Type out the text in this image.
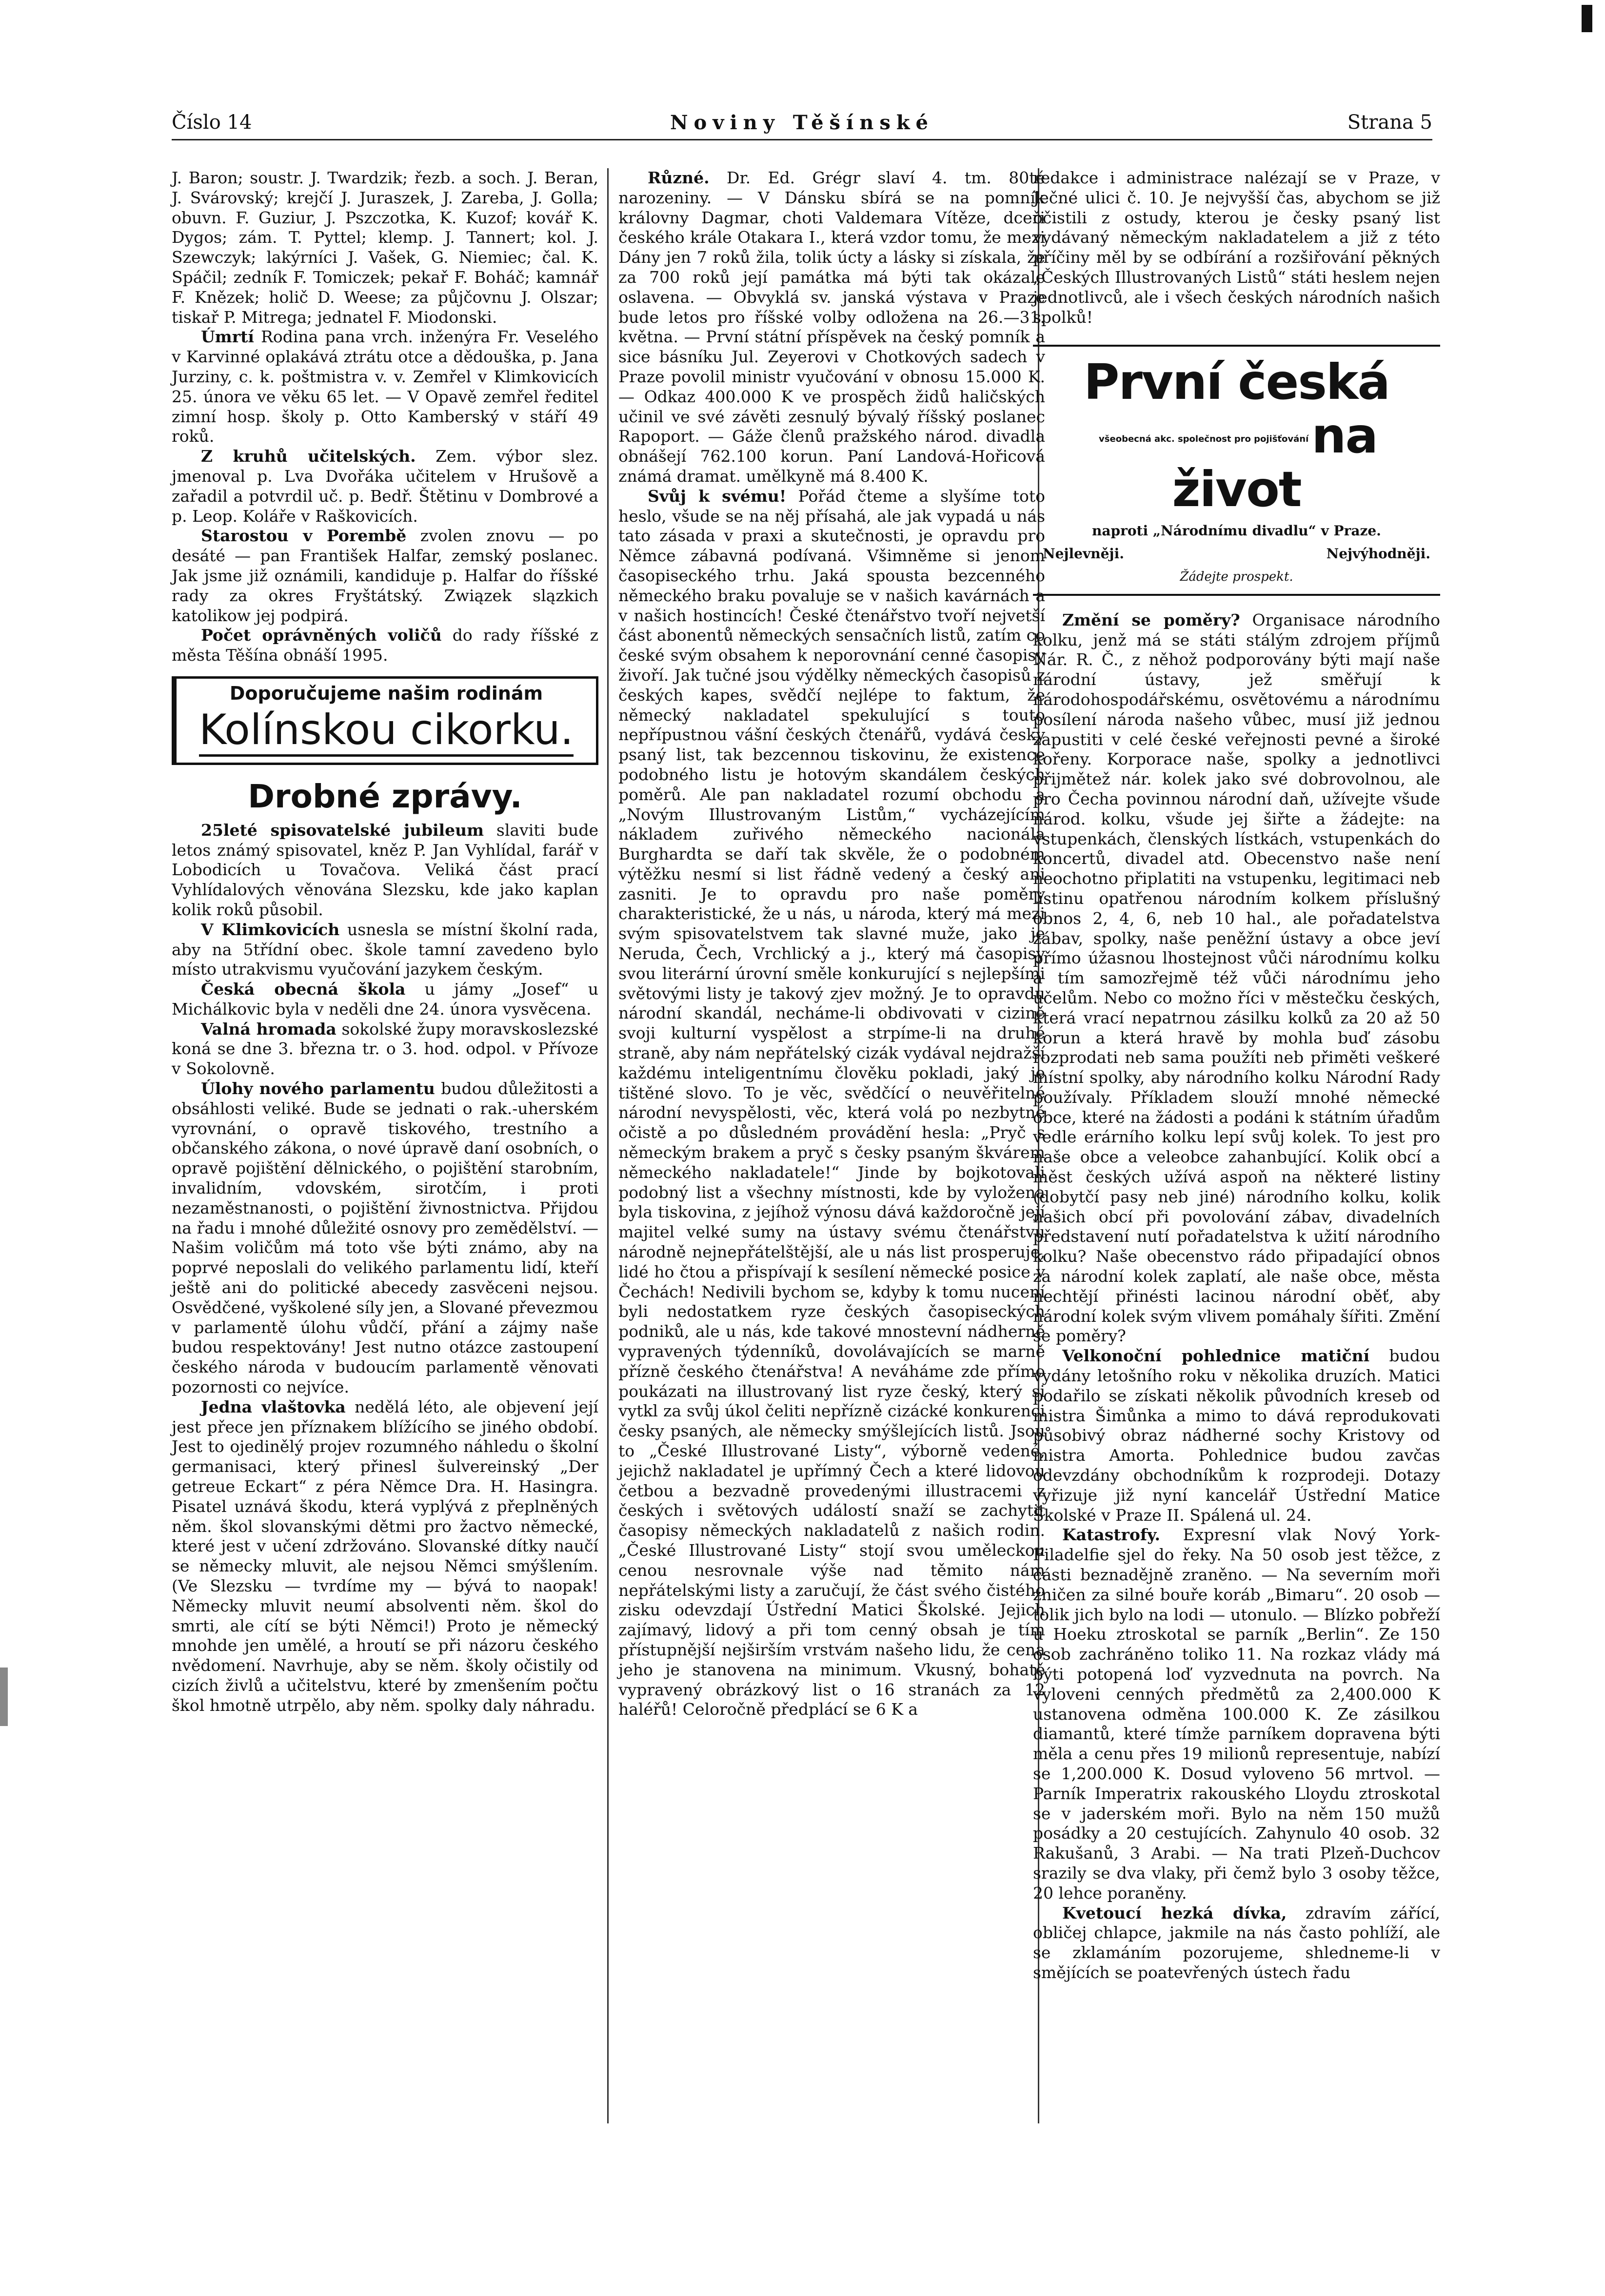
Číslo 14	Noviny Těšínské	Strana 5

J. Baron; soustr. J. Twardzik; řezb. a soch. J. Beran, J. Svárovský; krejčí J. Juraszek, J. Zareba, J. Golla; obuvn. F. Guziur, J. Pszczotka, K. Kuzof; kovář K. Dygos; zám. T. Pyttel; klemp. J. Tannert; kol. J. Szewczyk; lakýrníci J. Vašek, G. Niemiec; čal. K. Spáčil; zedník F. Tomiczek; pekař F. Boháč; kamnář F. Knězek; holič D. Weese; za půjčovnu J. Olszar; tiskař P. Mitrega; jednatel F. Miodonski.

Úmrtí Rodina pana vrch. inženýra Fr. Veselého v Karvinné oplakává ztrátu otce a dědouška, p. Jana Jurziny, c. k. poštmistra v. v. Zemřel v Klimkovicích 25. února ve věku 65 let. — V Opavě zemřel ředitel zimní hosp. školy p. Otto Kamberský v stáří 49 roků.

Z kruhů učitelských. Zem. výbor slez. jmenoval p. Lva Dvořáka učitelem v Hrušově a zařadil a potvrdil uč. p. Bedř. Štětinu v Dombrové a p. Leop. Koláře v Raškovicích.

Starostou v Porembě zvolen znovu — po desáté — pan František Halfar, zemský poslanec. Jak jsme již oznámili, kandiduje p. Halfar do říšské rady za okres Fryštátský. Związek slązkich katolikow jej podpirá.

Počet oprávněných voličů do rady říšské z města Těšína obnáší 1995.

Doporučujeme našim rodinám
Kolínskou cikorku.
Drobné zprávy.

25leté spisovatelské jubileum slaviti bude letos známý spisovatel, kněz P. Jan Vyhlídal, farář v Lobodicích u Tovačova. Veliká část prací Vyhlídalových věnována Slezsku, kde jako kaplan kolik roků působil.

V Klimkovicích usnesla se místní školní rada, aby na 5třídní obec. škole tamní zavedeno bylo místo utrakvismu vyučování jazykem českým.

Česká obecná škola u jámy „Josef“ u Michálkovic byla v neděli dne 24. února vysvěcena.

Valná hromada sokolské župy moravskoslezské koná se dne 3. března tr. o 3. hod. odpol. v Přívoze v Sokolovně.

Úlohy nového parlamentu budou důležitosti a obsáhlosti veliké. Bude se jednati o rak.-uherském vyrovnání, o opravě tiskového, trestního a občanského zákona, o nové úpravě daní osobních, o opravě pojištění dělnického, o pojištění starobním, invalidním, vdovském, sirotčím, i proti nezaměstnanosti, o pojištění živnostnictva. Přijdou na řadu i mnohé důležité osnovy pro zemědělství. — Našim voličům má toto vše býti známo, aby na poprvé neposlali do velikého parlamentu lidí, kteří ještě ani do politické abecedy zasvěceni nejsou. Osvědčené, vyškolené síly jen, a Slované převezmou v parlamentě úlohu vůdčí, přání a zájmy naše budou respektovány! Jest nutno otázce zastoupení českého národa v budoucím parlamentě věnovati pozornosti co nejvíce.

Jedna vlaštovka nedělá léto, ale objevení její jest přece jen příznakem blížícího se jiného období. Jest to ojedinělý projev rozumného náhledu o školní germanisaci, který přinesl šulvereinský „Der getreue Eckart“ z péra Němce Dra. H. Hasingra. Pisatel uznává škodu, která vyplývá z přeplněných něm. škol slovanskými dětmi pro žactvo německé, které jest v učení zdržováno. Slovanské dítky naučí se německy mluvit, ale nejsou Němci smýšlením. (Ve Slezsku — tvrdíme my — bývá to naopak! Německy mluvit neumí absolventi něm. škol do smrti, ale cítí se býti Němci!) Proto je německý mnohde jen umělé, a hroutí se při názoru českého nvědomení. Navrhuje, aby se něm. školy očistily od cizích živlů a učitelstvu, které by zmenšením počtu škol hmotně utrpělo, aby něm. spolky daly náhradu.

Různé. Dr. Ed. Grégr slaví 4. tm. 80té narozeniny. — V Dánsku sbírá se na pomník královny Dagmar, choti Valdemara Vítěze, dceři českého krále Otakara I., která vzdor tomu, že mezi Dány jen 7 roků žila, tolik úcty a lásky si získala, že za 700 roků její památka má býti tak okázale oslavena. — Obvyklá sv. janská výstava v Praze bude letos pro říšské volby odložena na 26.—31. května. — První státní příspěvek na český pomník a sice básníku Jul. Zeyerovi v Chotkových sadech v Praze povolil ministr vyučování v obnosu 15.000 K. — Odkaz 400.000 K ve prospěch židů haličských učinil ve své závěti zesnulý bývalý říšský poslanec Rapoport. — Gáže členů pražského národ. divadla obnášejí 762.100 korun. Paní Landová-Hořicová známá dramat. umělkyně má 8.400 K.

Svůj k svému! Pořád čteme a slyšíme toto heslo, všude se na něj přísahá, ale jak vypadá u nás tato zásada v praxi a skutečnosti, je opravdu pro Němce zábavná podívaná. Všimněme si jenom časopiseckého trhu. Jaká spousta bezcenného německého braku povaluje se v našich kavárnách a v našich hostincích! České čtenářstvo tvoří nejvetší část abonentů německých sensačních listů, zatím co české svým obsahem k neporovnání cenné časopisy živoří. Jak tučné jsou výdělky německých časopisů z českých kapes, svědčí nejlépe to faktum, že německý nakladatel spekulující s touto nepřípustnou vášní českých čtenářů, vydává česky psaný list, tak bezcennou tiskovinu, že existence podobného listu je hotovým skandálem českých poměrů. Ale pan nakladatel rozumí obchodu a „Novým Illustrovaným Listům,“ vycházejícím nákladem zuřivého německého nacionála Burghardta se daří tak skvěle, že o podobném výtěžku nesmí si list řádně vedený a český ani zasniti. Je to opravdu pro naše poměry charakteristické, že u nás, u národa, který má mezi svým spisovatelstvem tak slavné muže, jako je Neruda, Čech, Vrchlický a j., který má časopisy svou literární úrovní směle konkurující s nejlepšími světovými listy je takový zjev možný. Je to opravdu národní skandál, necháme-li obdivovati v cizině svoji kulturní vyspělost a strpíme-li na druhé straně, aby nám nepřátelský cizák vydával nejdražší každému inteligentnímu člověku pokladi, jaký je tištěné slovo. To je věc, svědčící o neuvěřitelné národní nevyspělosti, věc, která volá po nezbytné očistě a po důsledném provádění hesla: „Pryč s německým brakem a pryč s česky psaným škvárem německého nakladatele!“ Jinde by bojkotovali podobný list a všechny místnosti, kde by vyložena byla tiskovina, z jejíhož výnosu dává každoročně její majitel velké sumy na ústavy svému čtenářstvu národně nejnepřátelštější, ale u nás list prosperuje, lidé ho čtou a přispívají k sesílení německé posice v Čechách! Nedivili bychom se, kdyby k tomu nucení byli nedostatkem ryze českých časopiseckých podniků, ale u nás, kde takové mnostevní nádherně vypravených týdenníků, dovolávajících se marně přízně českého čtenářstva! A neváháme zde přímo poukázati na illustrovaný list ryze český, který si vytkl za svůj úkol čeliti nepřízně cizácké konkurenci česky psaných, ale německy smýšlejících listů. Jsou to „České Illustrované Listy“, výborně vedené, jejichž nakladatel je upřímný Čech a které lidovou četbou a bezvadně provedenými illustracemi z českých i světových událostí snaží se zachytit časopisy německých nakladatelů z našich rodin. „České Illustrované Listy“ stojí svou uměleckou cenou nesrovnale výše nad těmito nám nepřátelskými listy a zaručují, že část svého čistého zisku odevzdají Ústřední Matici Školské. Jejich zajímavý, lidový a při tom cenný obsah je tím přístupnější nejširším vrstvám našeho lidu, že cena jeho je stanovena na minimum. Vkusný, bohatě vypravený obrázkový list o 16 stranách za 12 haléřů! Celoročně předplácí se 6 K a

redakce i administrace nalézají se v Praze, v Ječné ulici č. 10. Je nejvyšší čas, abychom se již očistili z ostudy, kterou je česky psaný list vydávaný německým nakladatelem a již z této příčiny měl by se odbírání a rozšiřování pěkných „Českých Illustrovaných Listů“ státi heslem nejen jednotlivců, ale i všech českých národních našich spolků!

První českávšeobecná akc. společnost pro pojišťovánína život
naproti „Národnímu divadlu“ v Praze.
Nejlevněji.	Nejvýhodněji.
Žádejte prospekt.

Změní se poměry? Organisace národního kolku, jenž má se státi stálým zdrojem příjmů Nár. R. Č., z něhož podporovány býti mají naše národní ústavy, jež směřují k národohospodářskému, osvětovému a národnímu posílení národa našeho vůbec, musí již jednou zapustiti v celé české veřejnosti pevné a široké kořeny. Korporace naše, spolky a jednotlivci přijmětež nár. kolek jako své dobrovolnou, ale pro Čecha povinnou národní daň, užívejte všude národ. kolku, všude jej šiřte a žádejte: na vstupenkách, členských lístkách, vstupenkách do koncertů, divadel atd. Obecenstvo naše není neochotno připlatiti na vstupenku, legitimaci neb listinu opatřenou národním kolkem příslušný obnos 2, 4, 6, neb 10 hal., ale pořadatelstva zábav, spolky, naše peněžní ústavy a obce jeví přímo úžasnou lhostejnost vůči národnímu kolku a tím samozřejmě též vůči národnímu jeho účelům. Nebo co možno říci v městečku českých, která vrací nepatrnou zásilku kolků za 20 až 50 korun a která hravě by mohla buď zásobu rozprodati neb sama použíti neb přiměti veškeré místní spolky, aby národního kolku Národní Rady používaly. Příkladem slouží mnohé německé obce, které na žádosti a podáni k státním úřadům vedle erárního kolku lepí svůj kolek. To jest pro naše obce a veleobce zahanbující. Kolik obcí a měst českých užívá aspoň na některé listiny (dobytčí pasy neb jiné) národního kolku, kolik našich obcí při povolování zábav, divadelních představení nutí pořadatelstva k užití národního kolku? Naše obecenstvo rádo připadající obnos za národní kolek zaplatí, ale naše obce, města nechtějí přinésti lacinou národní oběť, aby národní kolek svým vlivem pomáhaly šířiti. Změní se poměry?

Velkonoční pohlednice matiční budou vydány letošního roku v několika druzích. Matici podařilo se získati několik původních kreseb od mistra Šimůnka a mimo to dává reprodukovati působivý obraz nádherné sochy Kristovy od mistra Amorta. Pohlednice budou zavčas odevzdány obchodníkům k rozprodeji. Dotazy vyřizuje již nyní kancelář Ústřední Matice Školské v Praze II. Spálená ul. 24.

Katastrofy. Expresní vlak Nový York-Filadelfie sjel do řeky. Na 50 osob jest těžce, z části beznadějně zraněno. — Na severním moři zničen za silné bouře koráb „Bimaru“. 20 osob — tolik jich bylo na lodi — utonulo. — Blízko pobřeží u Hoeku ztroskotal se parník „Berlin“. Ze 150 osob zachráněno toliko 11. Na rozkaz vlády má býti potopená loď vyzvednuta na povrch. Na vyloveni cenných předmětů za 2,400.000 K ustanovena odměna 100.000 K. Ze zásilkou diamantů, které tímže parníkem dopravena býti měla a cenu přes 19 milionů representuje, nabízí se 1,200.000 K. Dosud vyloveno 56 mrtvol. — Parník Imperatrix rakouského Lloydu ztroskotal se v jaderském moři. Bylo na něm 150 mužů posádky a 20 cestujících. Zahynulo 40 osob. 32 Rakušanů, 3 Arabi. — Na trati Plzeň-Duchcov srazily se dva vlaky, při čemž bylo 3 osoby těžce, 20 lehce poraněny.

Kvetoucí hezká dívka, zdravím zářící, obličej chlapce, jakmile na nás často pohlíží, ale se zklamáním pozorujeme, shledneme-li v smějících se poatevřených ústech řadu
